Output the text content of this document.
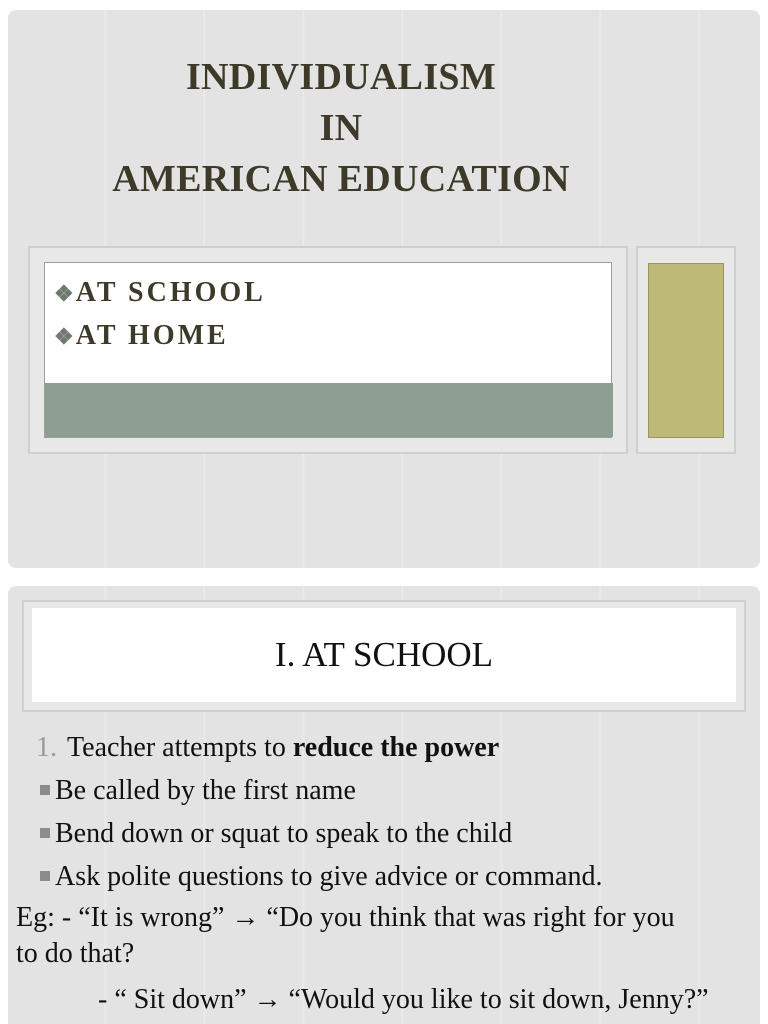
INDIVIDUALISM
IN
AMERICAN EDUCATION
❖AT SCHOOL
❖AT HOME
I. AT SCHOOL
1. Teacher attempts to reduce the power
Be called by the first name
Bend down or squat to speak to the child
Ask polite questions to give advice or command.
Eg: - “It is wrong” → “Do you think that was right for you
to do that?
- “ Sit down” → “Would you like to sit down, Jenny?”
